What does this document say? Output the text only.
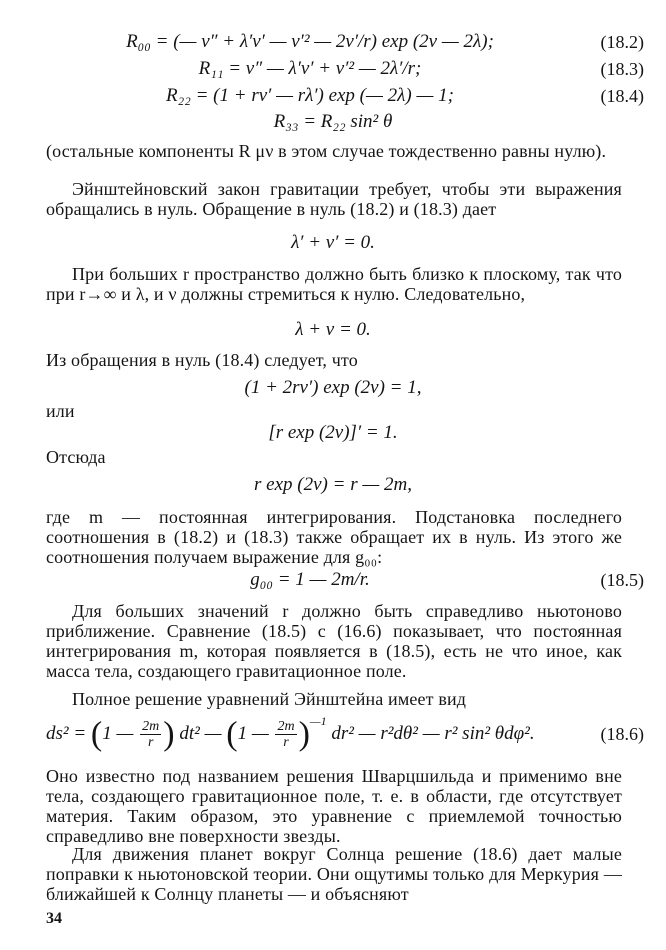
R₀₀ = (— ν″ + λ′ν′ — ν′² — 2ν′/r) exp (2ν — 2λ);	(18.2)
R₁₁ = ν″ — λ′ν′ + ν′² — 2λ′/r;	(18.3)
R₂₂ = (1 + rν′ — rλ′) exp (— 2λ) — 1;	(18.4)
R₃₃ = R₂₂ sin² θ
(остальные компоненты R μν в этом случае тождественно равны нулю).
Эйнштейновский закон гравитации требует, чтобы эти выражения обращались в нуль. Обращение в нуль (18.2) и (18.3) дает
λ′ + ν′ = 0.
При больших r пространство должно быть близко к плоскому, так что при r→∞ и λ, и ν должны стремиться к нулю. Следовательно,
λ + ν = 0.
Из обращения в нуль (18.4) следует, что
(1 + 2rν′) exp (2ν) = 1,
или
[r exp (2ν)]′ = 1.
Отсюда
r exp (2ν) = r — 2m,
где m — постоянная интегрирования. Подстановка последнего соотношения в (18.2) и (18.3) также обращает их в нуль. Из этого же соотношения получаем выражение для g₀₀:
g₀₀ = 1 — 2m/r.	(18.5)
Для больших значений r должно быть справедливо ньютоново приближение. Сравнение (18.5) с (16.6) показывает, что постоянная интегрирования m, которая появляется в (18.5), есть не что иное, как масса тела, создающего гравитационное поле.
Полное решение уравнений Эйнштейна имеет вид
ds² = (1 — $\frac{2m}{r}$ ) dt² — (1 — $\frac{2m}{r} )^{—1}$ dr² — r²dθ² — r² sin² θdφ².	(18.6)
Оно известно под названием решения Шварцшильда и применимо вне тела, создающего гравитационное поле, т. е. в области, где отсутствует материя. Таким образом, это уравнение с приемлемой точностью справедливо вне поверхности звезды.
Для движения планет вокруг Солнца решение (18.6) дает малые поправки к ньютоновской теории. Они ощутимы только для Меркурия — ближайшей к Солнцу планеты — и объясняют
34
